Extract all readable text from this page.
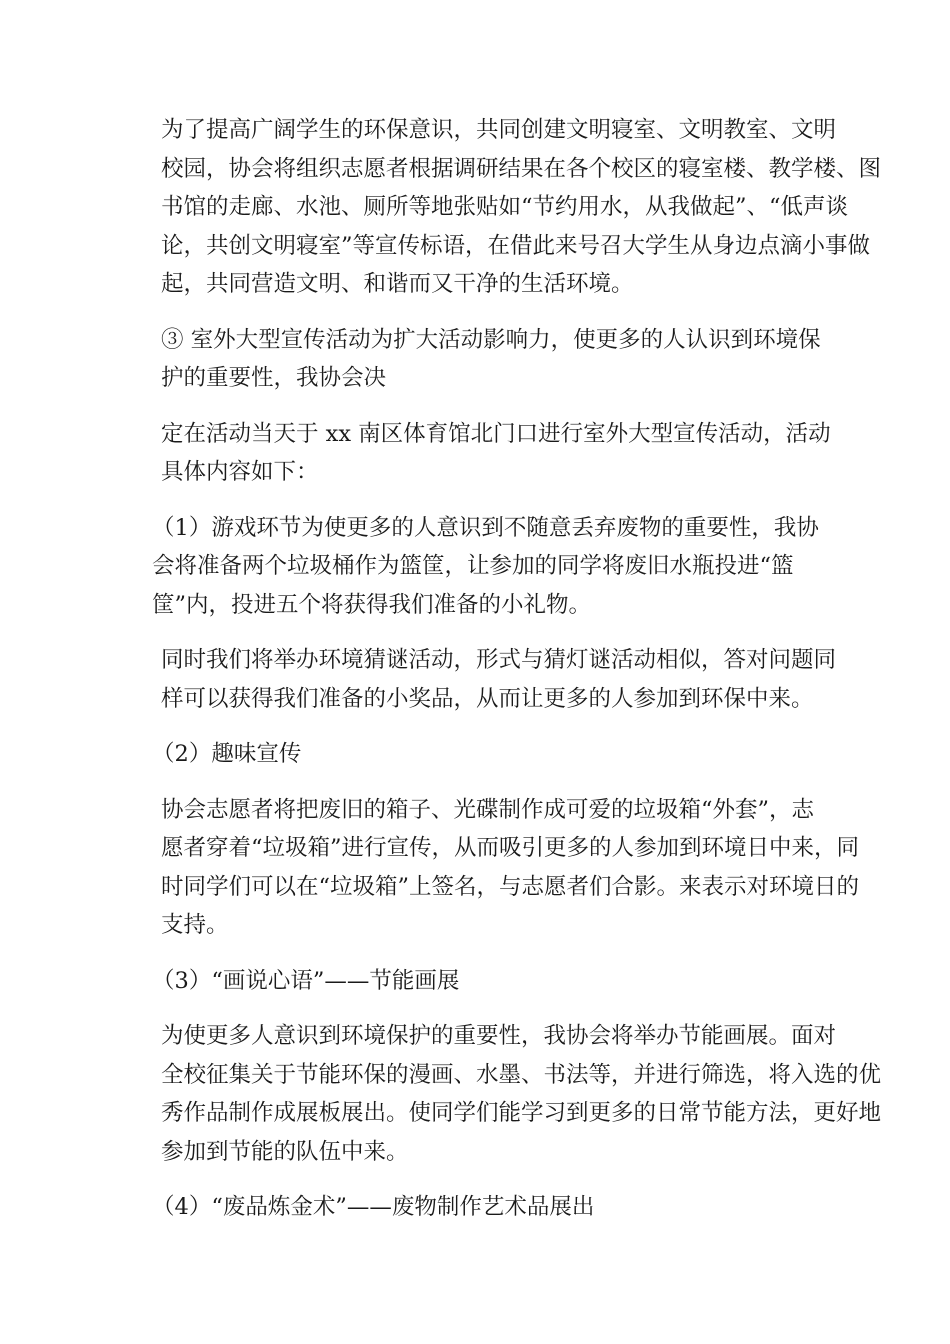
为了提高广阔学生的环保意识，共同创建文明寝室、文明教室、文明
校园，协会将组织志愿者根据调研结果在各个校区的寝室楼、教学楼、图
书馆的走廊、水池、厕所等地张贴如“节约用水，从我做起”、“低声谈
论，共创文明寝室”等宣传标语，在借此来号召大学生从身边点滴小事做
起，共同营造文明、和谐而又干净的生活环境。

③ 室外大型宣传活动为扩大活动影响力，使更多的人认识到环境保
护的重要性，我协会决

定在活动当天于 xx 南区体育馆北门口进行室外大型宣传活动，活动
具体内容如下：

（1）游戏环节为使更多的人意识到不随意丢弃废物的重要性，我协
会将准备两个垃圾桶作为篮筐，让参加的同学将废旧水瓶投进“篮
筐”内，投进五个将获得我们准备的小礼物。

同时我们将举办环境猜谜活动，形式与猜灯谜活动相似，答对问题同
样可以获得我们准备的小奖品，从而让更多的人参加到环保中来。

（2）趣味宣传

协会志愿者将把废旧的箱子、光碟制作成可爱的垃圾箱“外套”，志
愿者穿着“垃圾箱”进行宣传，从而吸引更多的人参加到环境日中来，同
时同学们可以在“垃圾箱”上签名，与志愿者们合影。来表示对环境日的
支持。

（3）“画说心语”——节能画展

为使更多人意识到环境保护的重要性，我协会将举办节能画展。面对
全校征集关于节能环保的漫画、水墨、书法等，并进行筛选，将入选的优
秀作品制作成展板展出。使同学们能学习到更多的日常节能方法，更好地
参加到节能的队伍中来。

（4）“废品炼金术”——废物制作艺术品展出
